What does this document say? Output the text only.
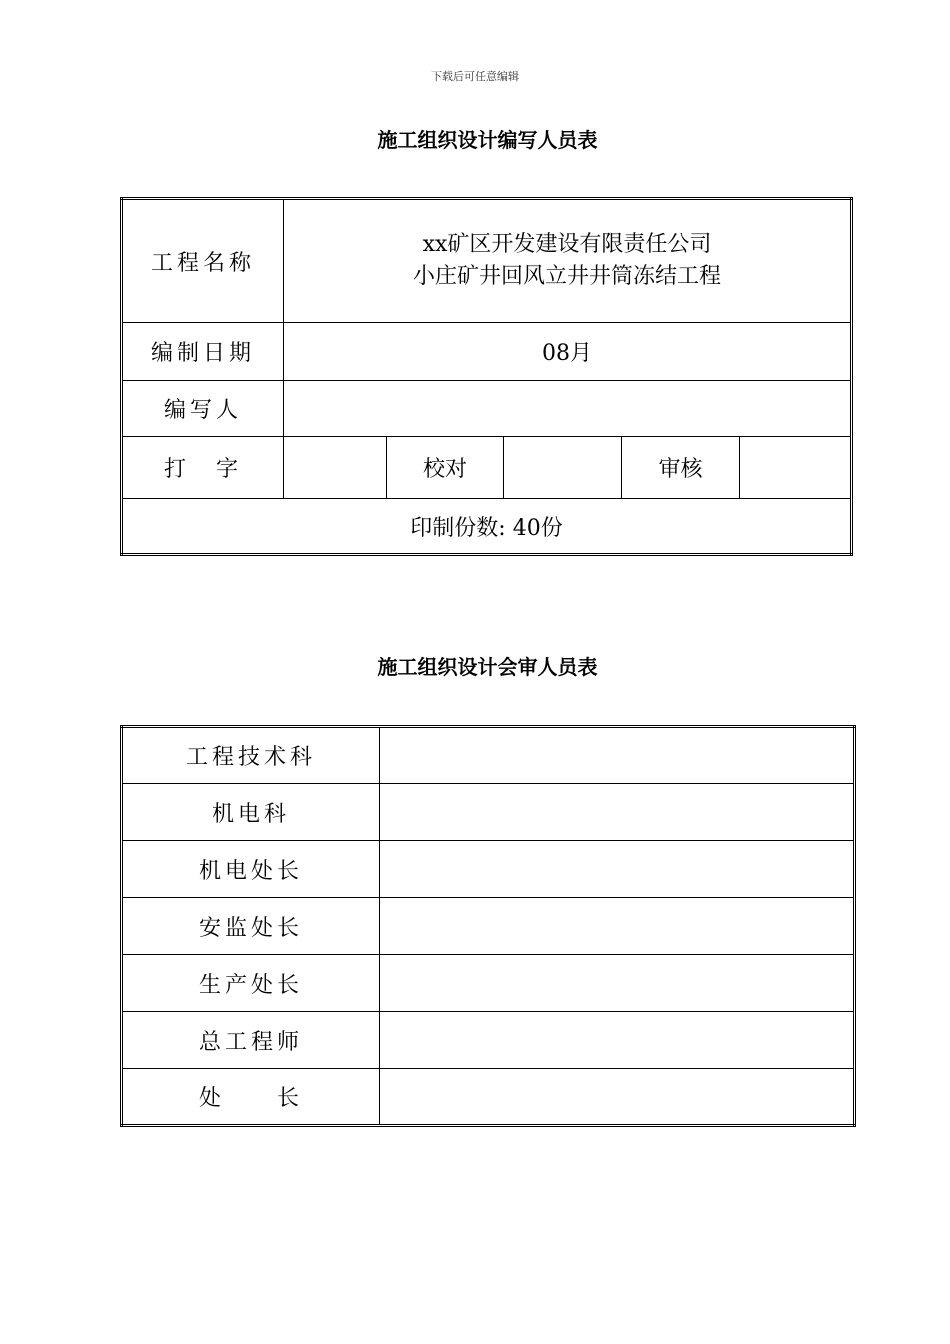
下载后可任意编辑
施工组织设计编写人员表
工程名称	xx矿区开发建设有限责任公司
小庄矿井回风立井井筒冻结工程				

编制日期	08月				
编写人					
打　字		校对		审核	
印制份数: 40份					
施工组织设计会审人员表
工程技术科	
机电科	
机电处长	
安监处长	
生产处长	
总工程师	
处　　长	
